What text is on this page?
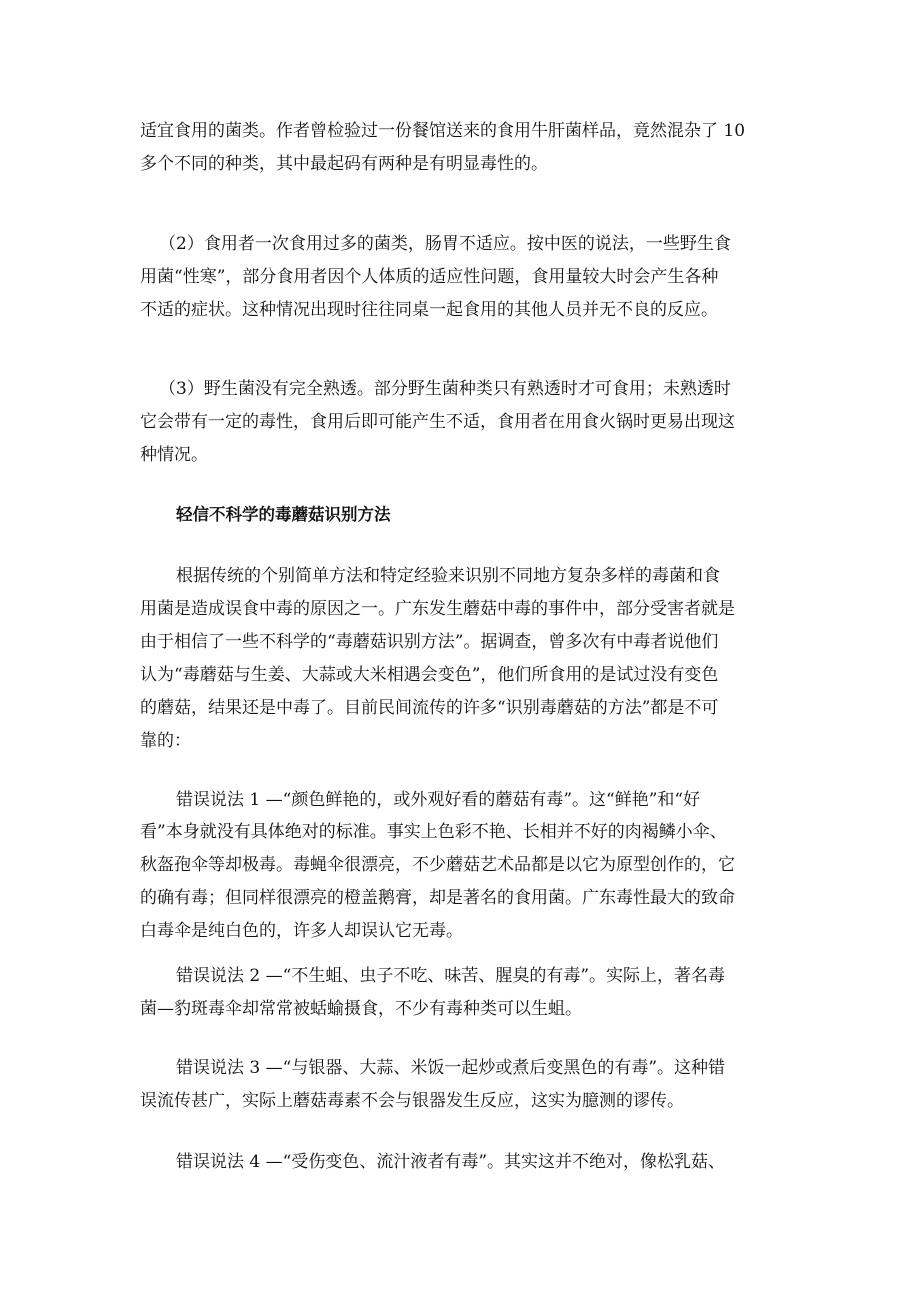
适宜食用的菌类。作者曾检验过一份餐馆送来的食用牛肝菌样品，竟然混杂了 10

多个不同的种类，其中最起码有两种是有明显毒性的。

（2）食用者一次食用过多的菌类，肠胃不适应。按中医的说法，一些野生食

用菌“性寒”，部分食用者因个人体质的适应性问题，食用量较大时会产生各种

不适的症状。这种情况出现时往往同桌一起食用的其他人员并无不良的反应。

（3）野生菌没有完全熟透。部分野生菌种类只有熟透时才可食用；未熟透时

它会带有一定的毒性，食用后即可能产生不适，食用者在用食火锅时更易出现这

种情况。

轻信不科学的毒蘑菇识别方法

根据传统的个别简单方法和特定经验来识别不同地方复杂多样的毒菌和食

用菌是造成误食中毒的原因之一。广东发生蘑菇中毒的事件中，部分受害者就是

由于相信了一些不科学的“毒蘑菇识别方法”。据调查，曾多次有中毒者说他们

认为“毒蘑菇与生姜、大蒜或大米相遇会变色”，他们所食用的是试过没有变色

的蘑菇，结果还是中毒了。目前民间流传的许多“识别毒蘑菇的方法”都是不可

靠的：

错误说法 1 —“颜色鲜艳的，或外观好看的蘑菇有毒”。这“鲜艳”和“好

看”本身就没有具体绝对的标准。事实上色彩不艳、长相并不好的肉褐鳞小伞、

秋盔孢伞等却极毒。毒蝇伞很漂亮，不少蘑菇艺术品都是以它为原型创作的，它

的确有毒；但同样很漂亮的橙盖鹅膏，却是著名的食用菌。广东毒性最大的致命

白毒伞是纯白色的，许多人却误认它无毒。

错误说法 2 —“不生蛆、虫子不吃、味苦、腥臭的有毒”。实际上，著名毒

菌—豹斑毒伞却常常被蛞蝓摄食，不少有毒种类可以生蛆。

错误说法 3 —“与银器、大蒜、米饭一起炒或煮后变黑色的有毒”。这种错

误流传甚广，实际上蘑菇毒素不会与银器发生反应，这实为臆测的谬传。

错误说法 4 —“受伤变色、流汁液者有毒”。其实这并不绝对，像松乳菇、
